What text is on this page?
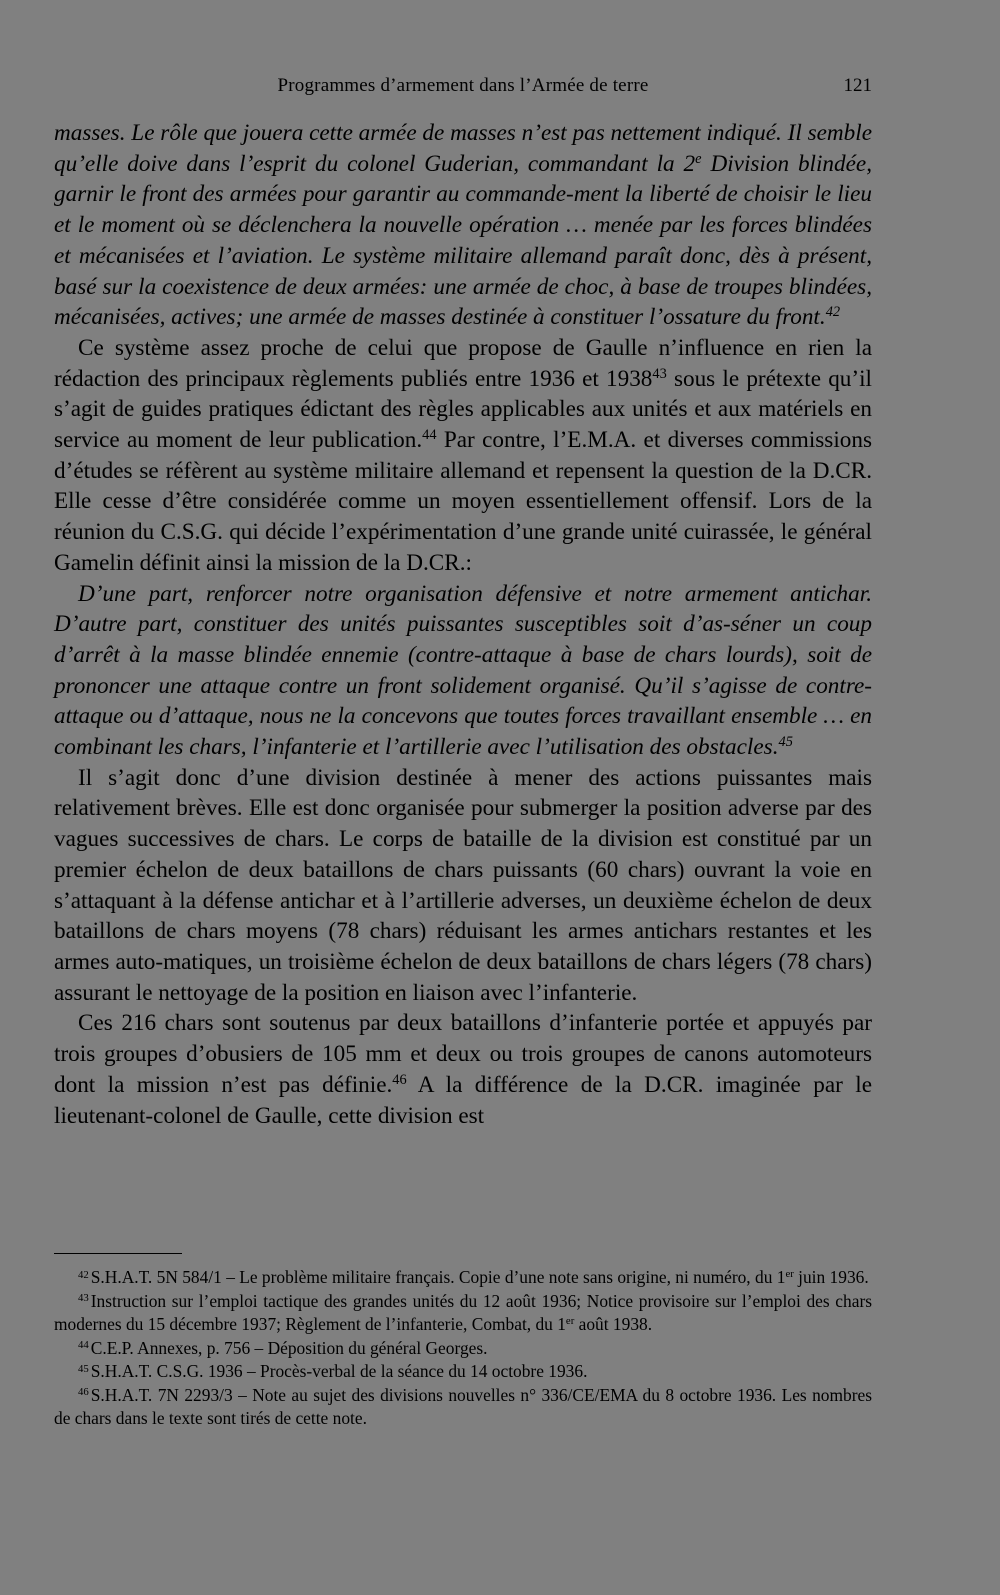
Programmes d’armement dans l’Armée de terre	121

masses. Le rôle que jouera cette armée de masses n’est pas nettement indiqué. Il semble qu’elle doive dans l’esprit du colonel Guderian, commandant la 2e Division blindée, garnir le front des armées pour garantir au commande-ment la liberté de choisir le lieu et le moment où se déclenchera la nouvelle opération … menée par les forces blindées et mécanisées et l’aviation. Le système militaire allemand paraît donc, dès à présent, basé sur la coexistence de deux armées: une armée de choc, à base de troupes blindées, mécanisées, actives; une armée de masses destinée à constituer l’ossature du front.$^{42}$

Ce système assez proche de celui que propose de Gaulle n’influence en rien la rédaction des principaux règlements publiés entre 1936 et 1938$^{43}$ sous le prétexte qu’il s’agit de guides pratiques édictant des règles applicables aux unités et aux matériels en service au moment de leur publication.$^{44}$ Par contre, l’E.M.A. et diverses commissions d’études se réfèrent au système militaire allemand et repensent la question de la D.CR. Elle cesse d’être considérée comme un moyen essentiellement offensif. Lors de la réunion du C.S.G. qui décide l’expérimentation d’une grande unité cuirassée, le général Gamelin définit ainsi la mission de la D.CR.:

D’une part, renforcer notre organisation défensive et notre armement antichar. D’autre part, constituer des unités puissantes susceptibles soit d’as-séner un coup d’arrêt à la masse blindée ennemie (contre-attaque à base de chars lourds), soit de prononcer une attaque contre un front solidement organisé. Qu’il s’agisse de contre-attaque ou d’attaque, nous ne la concevons que toutes forces travaillant ensemble … en combinant les chars, l’infanterie et l’artillerie avec l’utilisation des obstacles.$^{45}$

Il s’agit donc d’une division destinée à mener des actions puissantes mais relativement brèves. Elle est donc organisée pour submerger la position adverse par des vagues successives de chars. Le corps de bataille de la division est constitué par un premier échelon de deux bataillons de chars puissants (60 chars) ouvrant la voie en s’attaquant à la défense antichar et à l’artillerie adverses, un deuxième échelon de deux bataillons de chars moyens (78 chars) réduisant les armes antichars restantes et les armes auto-matiques, un troisième échelon de deux bataillons de chars légers (78 chars) assurant le nettoyage de la position en liaison avec l’infanterie.

Ces 216 chars sont soutenus par deux bataillons d’infanterie portée et appuyés par trois groupes d’obusiers de 105 mm et deux ou trois groupes de canons automoteurs dont la mission n’est pas définie.$^{46}$ A la différence de la D.CR. imaginée par le lieutenant-colonel de Gaulle, cette division est

$^{42}$ S.H.A.T. 5N 584/1 – Le problème militaire français. Copie d’une note sans origine, ni numéro, du 1er juin 1936.

$^{43}$ Instruction sur l’emploi tactique des grandes unités du 12 août 1936; Notice provisoire sur l’emploi des chars modernes du 15 décembre 1937; Règlement de l’infanterie, Combat, du 1er août 1938.

$^{44}$ C.E.P. Annexes, p. 756 – Déposition du général Georges.

$^{45}$ S.H.A.T. C.S.G. 1936 – Procès-verbal de la séance du 14 octobre 1936.

$^{46}$ S.H.A.T. 7N 2293/3 – Note au sujet des divisions nouvelles n° 336/CE/EMA du 8 octobre 1936. Les nombres de chars dans le texte sont tirés de cette note.
